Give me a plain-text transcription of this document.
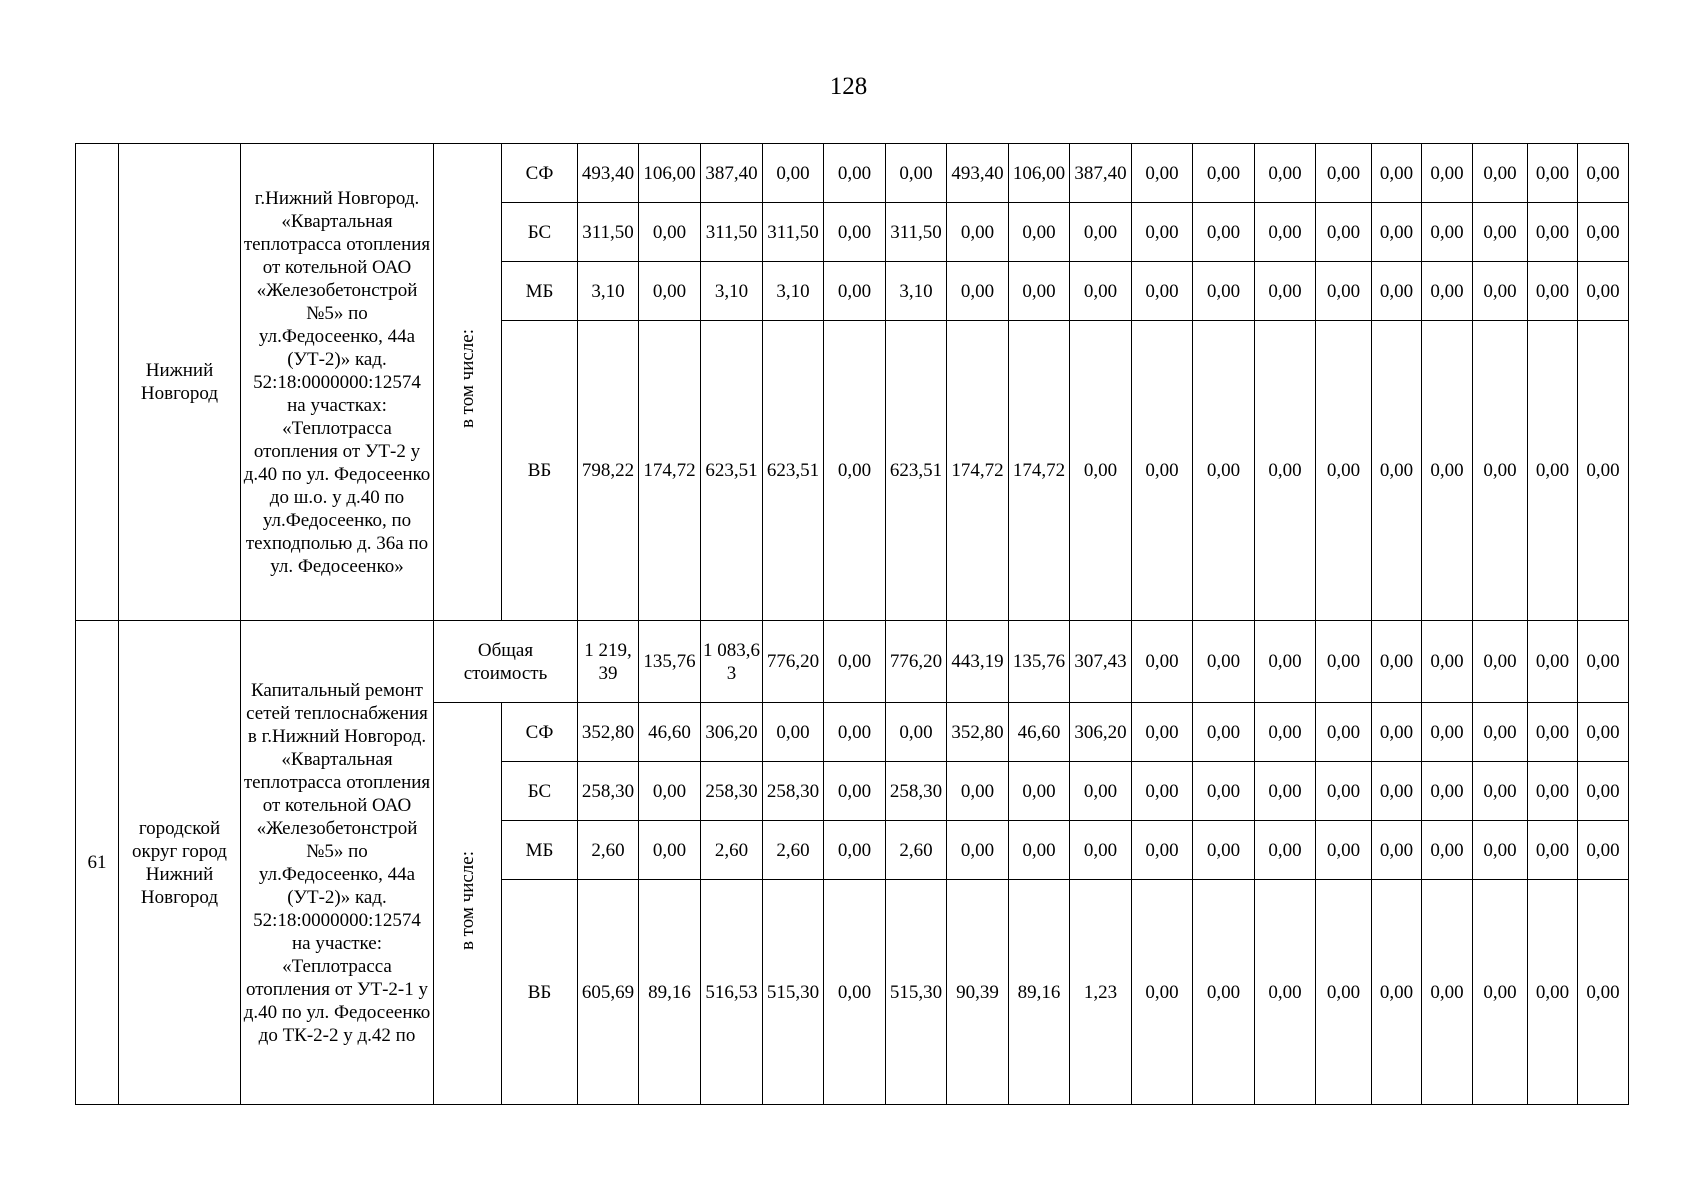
128
	Нижний Новгород	г.Нижний Новгород. «Квартальная теплотрасса отопления от котельной ОАО «Железобетонстрой №5» по ул.Федосеенко, 44а (УТ-2)» кад. 52:18:0000000:12574 на участках: «Теплотрасса отопления от УТ-2 у д.40 по ул. Федосеенко до ш.о. у д.40 по ул.Федосеенко, по техподполью д. 36а по ул. Федосеенко»	в том числе:	СФ	493,40	106,00	387,40	0,00	0,00	0,00	493,40	106,00	387,40	0,00	0,00	0,00	0,00	0,00	0,00	0,00	0,00	0,00
				БС	311,50	0,00	311,50	311,50	0,00	311,50	0,00	0,00	0,00	0,00	0,00	0,00	0,00	0,00	0,00	0,00	0,00	0,00
				МБ	3,10	0,00	3,10	3,10	0,00	3,10	0,00	0,00	0,00	0,00	0,00	0,00	0,00	0,00	0,00	0,00	0,00	0,00
				ВБ	798,22	174,72	623,51	623,51	0,00	623,51	174,72	174,72	0,00	0,00	0,00	0,00	0,00	0,00	0,00	0,00	0,00	0,00
61	городской округ город Нижний Новгород	Капитальный ремонт сетей теплоснабжения в г.Нижний Новгород. «Квартальная теплотрасса отопления от котельной ОАО «Железобетонстрой №5» по ул.Федосеенко, 44а (УТ-2)» кад. 52:18:0000000:12574 на участке: «Теплотрасса отопления от УТ-2-1 у д.40 по ул. Федосеенко до ТК-2-2 у д.42 по	Общая стоимость		1 219,39	135,76	1 083,63	776,20	0,00	776,20	443,19	135,76	307,43	0,00	0,00	0,00	0,00	0,00	0,00	0,00	0,00	0,00
			в том числе:	СФ	352,80	46,60	306,20	0,00	0,00	0,00	352,80	46,60	306,20	0,00	0,00	0,00	0,00	0,00	0,00	0,00	0,00	0,00
				БС	258,30	0,00	258,30	258,30	0,00	258,30	0,00	0,00	0,00	0,00	0,00	0,00	0,00	0,00	0,00	0,00	0,00	0,00
				МБ	2,60	0,00	2,60	2,60	0,00	2,60	0,00	0,00	0,00	0,00	0,00	0,00	0,00	0,00	0,00	0,00	0,00	0,00
				ВБ	605,69	89,16	516,53	515,30	0,00	515,30	90,39	89,16	1,23	0,00	0,00	0,00	0,00	0,00	0,00	0,00	0,00	0,00
